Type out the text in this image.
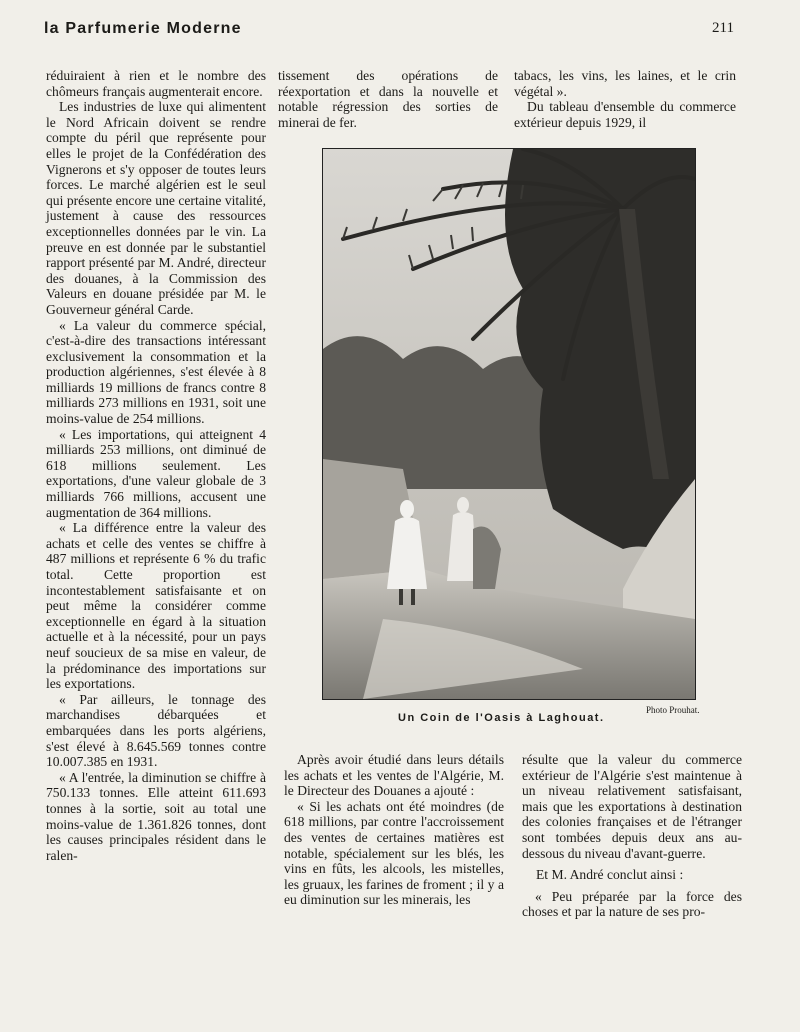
la Parfumerie Moderne	211

réduiraient à rien et le nombre des chômeurs français augmenterait encore.

Les industries de luxe qui alimentent le Nord Africain doivent se rendre compte du péril que représente pour elles le projet de la Confédération des Vignerons et s'y opposer de toutes leurs forces. Le marché algérien est le seul qui présente encore une certaine vitalité, justement à cause des ressources exceptionnelles données par le vin. La preuve en est donnée par le substantiel rapport présenté par M. André, directeur des douanes, à la Commission des Valeurs en douane présidée par M. le Gouverneur général Carde.

« La valeur du commerce spécial, c'est-à-dire des transactions intéressant exclusivement la consommation et la production algériennes, s'est élevée à 8 milliards 19 millions de francs contre 8 milliards 273 millions en 1931, soit une moins-value de 254 millions.

« Les importations, qui atteignent 4 milliards 253 millions, ont diminué de 618 millions seulement. Les exportations, d'une valeur globale de 3 milliards 766 millions, accusent une augmentation de 364 millions.

« La différence entre la valeur des achats et celle des ventes se chiffre à 487 millions et représente 6 % du trafic total. Cette proportion est incontestablement satisfaisante et on peut même la considérer comme exceptionnelle en égard à la situation actuelle et à la nécessité, pour un pays neuf soucieux de sa mise en valeur, de la prédominance des importations sur les exportations.

« Par ailleurs, le tonnage des marchandises débarquées et embarquées dans les ports algériens, s'est élevé à 8.645.569 tonnes contre 10.007.385 en 1931.

« A l'entrée, la diminution se chiffre à 750.133 tonnes. Elle atteint 611.693 tonnes à la sortie, soit au total une moins-value de 1.361.826 tonnes, dont les causes principales résident dans le ralen-

tissement des opérations de réexportation et dans la nouvelle et notable régression des sorties de minerai de fer.

tabacs, les vins, les laines, et le crin végétal ».

Du tableau d'ensemble du commerce extérieur depuis 1929, il

Photo Prouhat.
Un Coin de l'Oasis à Laghouat.

Après avoir étudié dans leurs détails les achats et les ventes de l'Algérie, M. le Directeur des Douanes a ajouté :

« Si les achats ont été moindres (de 618 millions, par contre l'accroissement des ventes de certaines matières est notable, spécialement sur les blés, les vins en fûts, les alcools, les mistelles, les gruaux, les farines de froment ; il y a eu diminution sur les minerais, les

résulte que la valeur du commerce extérieur de l'Algérie s'est maintenue à un niveau relativement satisfaisant, mais que les exportations à destination des colonies françaises et de l'étranger sont tombées depuis deux ans au-dessous du niveau d'avant-guerre.

Et M. André conclut ainsi :

« Peu préparée par la force des choses et par la nature de ses pro-
